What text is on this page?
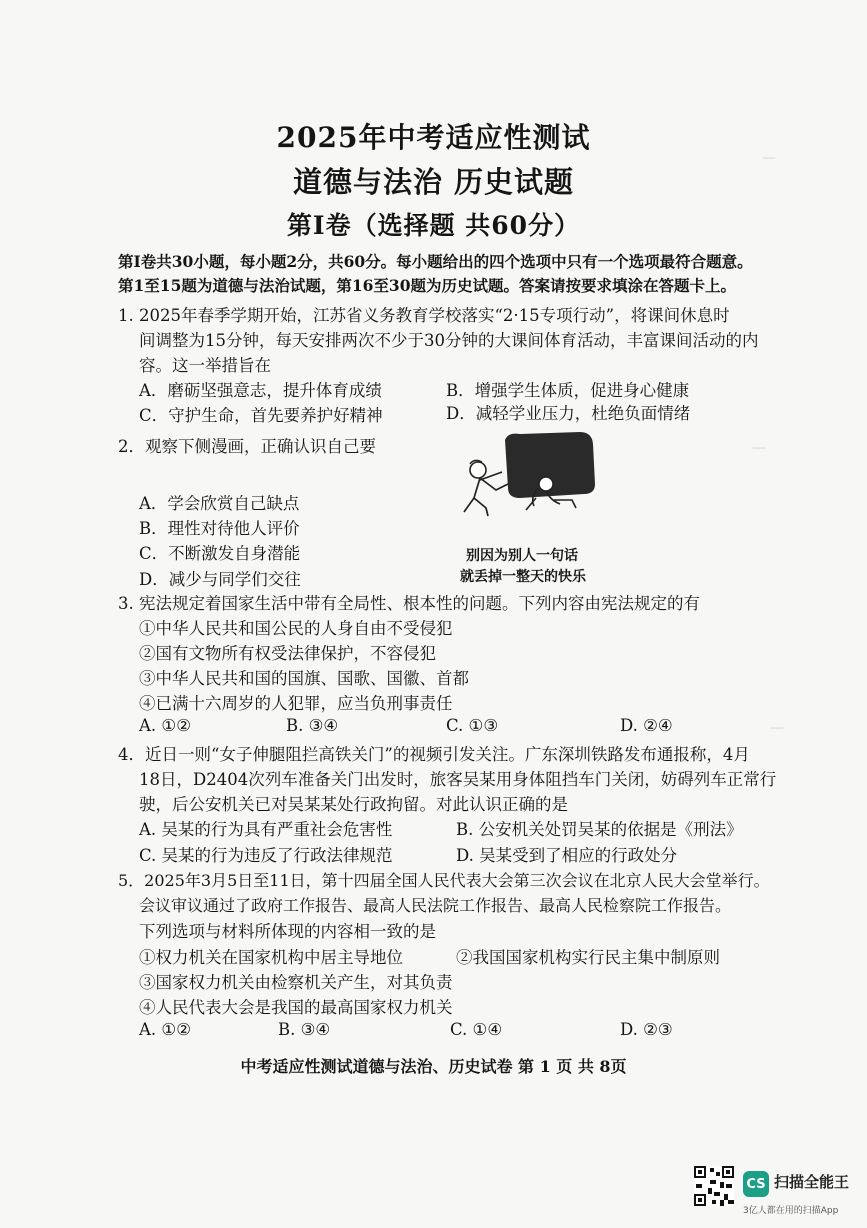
—
—
—
2025年中考适应性测试
道德与法治 历史试题
第Ⅰ卷（选择题 共60分）
第Ⅰ卷共30小题，每小题2分，共60分。每小题给出的四个选项中只有一个选项最符合题意。
第1至15题为道德与法治试题，第16至30题为历史试题。答案请按要求填涂在答题卡上。
1. 2025年春季学期开始，江苏省义务教育学校落实“2·15专项行动”，将课间休息时
间调整为15分钟，每天安排两次不少于30分钟的大课间体育活动，丰富课间活动的内
容。这一举措旨在
A．磨砺坚强意志，提升体育成绩	B．增强学生体质，促进身心健康
C．守护生命，首先要养护好精神	D．减轻学业压力，杜绝负面情绪
2．观察下侧漫画，正确认识自己要
A．学会欣赏自己缺点
B．理性对待他人评价
C．不断激发自身潜能
D．减少与同学们交往
别因为别人一句话
就丢掉一整天的快乐
3. 宪法规定着国家生活中带有全局性、根本性的问题。下列内容由宪法规定的有
①中华人民共和国公民的人身自由不受侵犯
②国有文物所有权受法律保护，不容侵犯
③中华人民共和国的国旗、国歌、国徽、首都
④已满十六周岁的人犯罪，应当负刑事责任
A. ①②	B. ③④	C. ①③	D. ②④
4．近日一则“女子伸腿阻拦高铁关门”的视频引发关注。广东深圳铁路发布通报称，4月
18日，D2404次列车准备关门出发时，旅客吴某用身体阻挡车门关闭，妨碍列车正常行
驶，后公安机关已对吴某某处行政拘留。对此认识正确的是
A. 吴某的行为具有严重社会危害性	B. 公安机关处罚吴某的依据是《刑法》
C. 吴某的行为违反了行政法律规范	D. 吴某受到了相应的行政处分
5．2025年3月5日至11日，第十四届全国人民代表大会第三次会议在北京人民大会堂举行。
会议审议通过了政府工作报告、最高人民法院工作报告、最高人民检察院工作报告。
下列选项与材料所体现的内容相一致的是
①权力机关在国家机构中居主导地位	②我国国家机构实行民主集中制原则
③国家权力机关由检察机关产生，对其负责
④人民代表大会是我国的最高国家权力机关
A. ①②	B. ③④	C. ①④	D. ②③
中考适应性测试道德与法治、历史试卷 第 1 页 共 8页
CS 扫描全能王
3亿人都在用的扫描App
